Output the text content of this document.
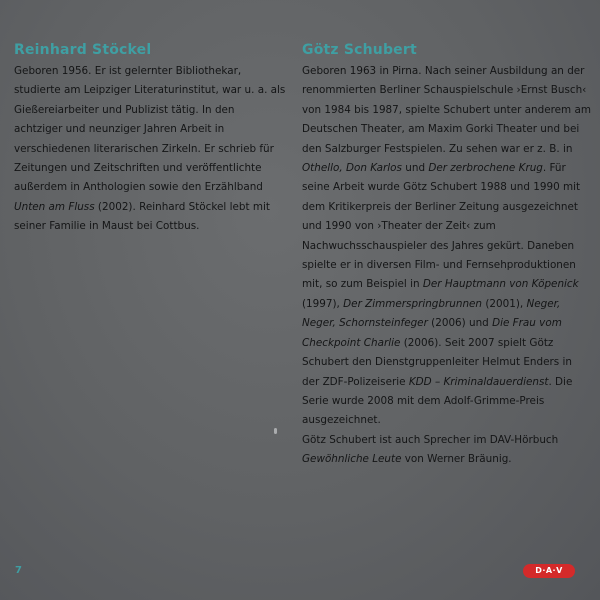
Reinhard Stöckel

Geboren 1956. Er ist gelernter Bibliothekar, studierte am Leipziger Literaturinstitut, war u. a. als Gießereiarbeiter und Publizist tätig. In den achtziger und neunziger Jahren Arbeit in verschiedenen literarischen Zirkeln. Er schrieb für Zeitungen und Zeitschriften und veröffentlichte außerdem in Anthologien sowie den Erzählband Unten am Fluss (2002). Reinhard Stöckel lebt mit seiner Familie in Maust bei Cottbus.

Götz Schubert

Geboren 1963 in Pirna. Nach seiner Ausbildung an der renommierten Berliner Schauspielschule ›Ernst Busch‹ von 1984 bis 1987, spielte Schubert unter anderem am Deutschen Theater, am Maxim Gorki Theater und bei den Salzburger Festspielen. Zu sehen war er z. B. in Othello, Don Karlos und Der zerbrochene Krug. Für seine Arbeit wurde Götz Schubert 1988 und 1990 mit dem Kritikerpreis der Berliner Zeitung ausgezeichnet und 1990 von ›Theater der Zeit‹ zum Nachwuchsschauspieler des Jahres gekürt. Daneben spielte er in diversen Film- und Fernsehproduktionen mit, so zum Beispiel in Der Hauptmann von Köpenick (1997), Der Zimmerspringbrunnen (2001), Neger, Neger, Schornsteinfeger (2006) und Die Frau vom Checkpoint Charlie (2006). Seit 2007 spielt Götz Schubert den Dienstgruppenleiter Helmut Enders in der ZDF-Polizeiserie KDD – Kriminaldauerdienst. Die Serie wurde 2008 mit dem Adolf-Grimme-Preis ausgezeichnet.

Götz Schubert ist auch Sprecher im DAV-Hörbuch Gewöhnliche Leute von Werner Bräunig.

7	D·A·V
